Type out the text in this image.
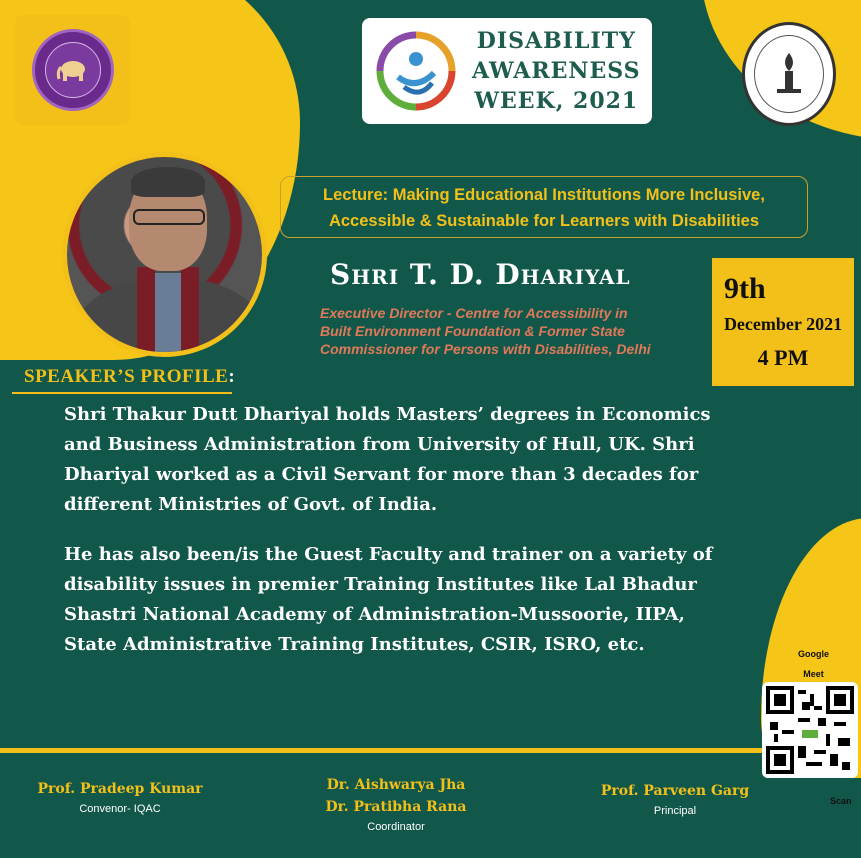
DISABILITY
AWARENESS
WEEK, 2021
Lecture: Making Educational Institutions More Inclusive,
Accessible & Sustainable for Learners with Disabilities
Shri T. D. Dhariyal
Executive Director - Centre for Accessibility in
Built Environment Foundation & Former State
Commissioner for Persons with Disabilities, Delhi
9th
December 2021
4 PM
SPEAKER’S PROFILE:
Shri Thakur Dutt Dhariyal holds Masters’ degrees in Economics
and Business Administration from University of Hull, UK. Shri
Dhariyal worked as a Civil Servant for more than 3 decades for
different Ministries of Govt. of India.
He has also been/is the Guest Faculty and trainer on a variety of
disability issues in premier Training Institutes like Lal Bhadur
Shastri National Academy of Administration-Mussoorie, IIPA,
State Administrative Training Institutes, CSIR, ISRO, etc.	Google
Meet
Scan
Prof. Pradeep Kumar
Convenor- IQAC
Dr. Aishwarya Jha
Dr. Pratibha Rana
Coordinator
Prof. Parveen Garg
Principal
